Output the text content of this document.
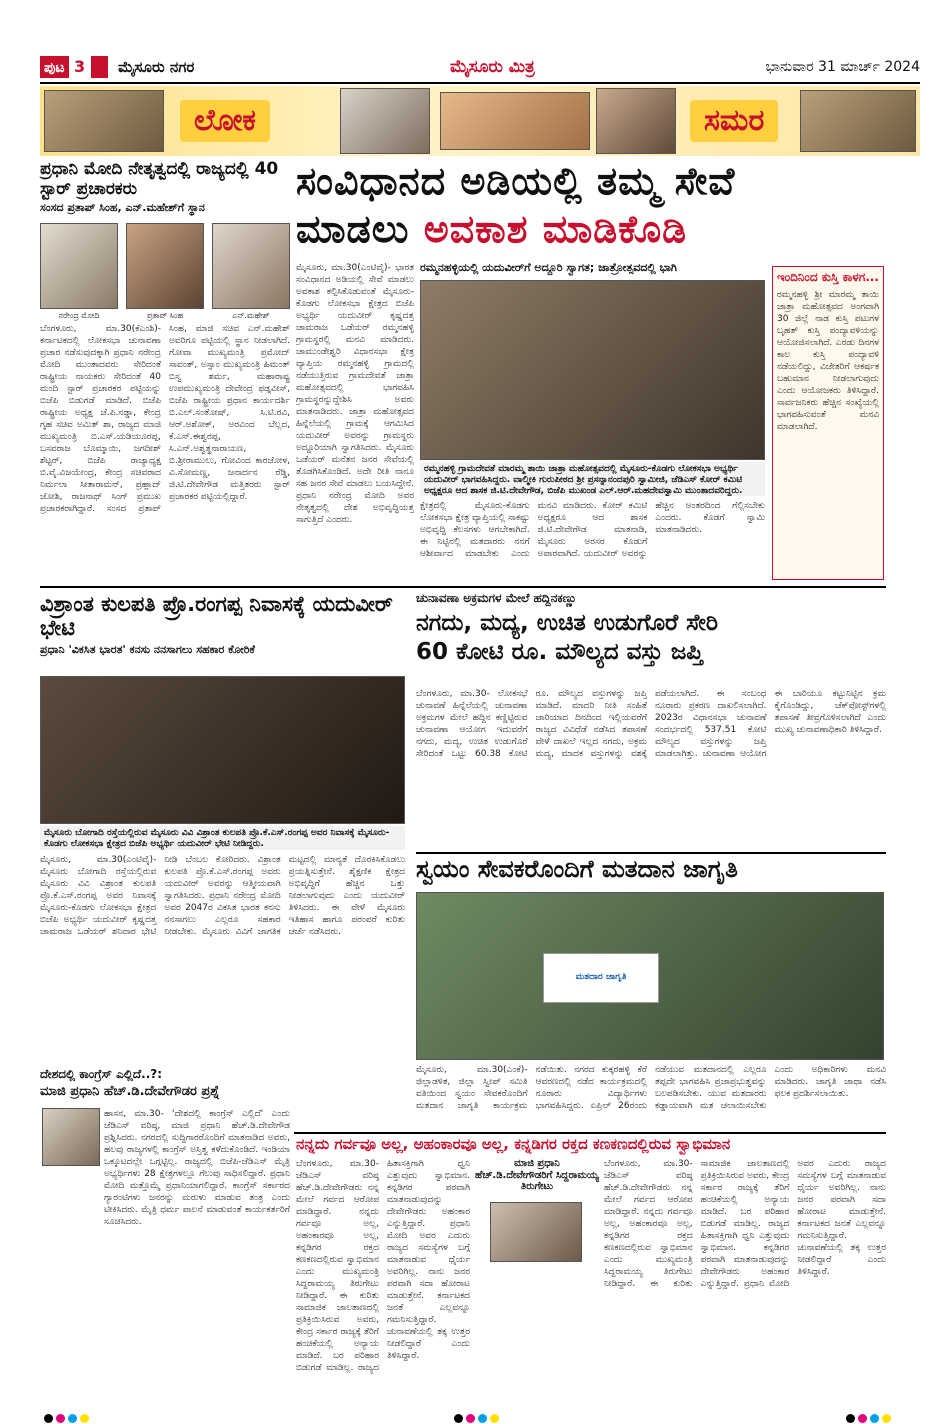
ಪುಟ 3	ಮೈಸೂರು ನಗರ	ಮೈಸೂರು ಮಿತ್ರ	ಭಾನುವಾರ 31 ಮಾರ್ಚ್ 2024
ಲೋಕ	ಸಮರ
ಪ್ರಧಾನಿ ಮೋದಿ ನೇತೃತ್ವದಲ್ಲಿ ರಾಜ್ಯದಲ್ಲಿ 40 ಸ್ಟಾರ್ ಪ್ರಚಾರಕರು
ಸಂಸದ ಪ್ರತಾಪ್ ಸಿಂಹ, ಎನ್.ಮಹೇಶ್‌ಗೆ ಸ್ಥಾನ
ನರೇಂದ್ರ ಮೋದಿ	ಪ್ರತಾಪ್ ಸಿಂಹ	ಎನ್.ಮಹೇಶ್
ಬೆಂಗಳೂರು, ಮಾ.30(ಕೆಎಂಶಿ)- ಕರ್ನಾಟಕದಲ್ಲಿ ಲೋಕಸಭಾ ಚುನಾವಣಾ ಪ್ರಚಾರ ನಡೆಸುವುದಕ್ಕಾಗಿ ಪ್ರಧಾನಿ ನರೇಂದ್ರ ಮೋದಿ ಮುಂತಾದವರು ಸೇರಿದಂತೆ ರಾಷ್ಟ್ರೀಯ ನಾಯಕರು ಸೇರಿದಂತೆ 40 ಮಂದಿ ಸ್ಟಾರ್ ಪ್ರಚಾರಕರ ಪಟ್ಟಿಯನ್ನು ಬಿಜೆಪಿ ಬಿಡುಗಡೆ ಮಾಡಿದೆ. ಬಿಜೆಪಿ ರಾಷ್ಟ್ರೀಯ ಅಧ್ಯಕ್ಷ ಜೆ.ಪಿ.ನಡ್ಡಾ, ಕೇಂದ್ರ ಗೃಹ ಸಚಿವ ಅಮಿತ್ ಶಾ, ರಾಜ್ಯದ ಮಾಜಿ ಮುಖ್ಯಮಂತ್ರಿ ಬಿ.ಎಸ್.ಯಡಿಯೂರಪ್ಪ, ಬಸವರಾಜ ಬೊಮ್ಮಾಯಿ, ಜಗದೀಶ್ ಶೆಟ್ಟರ್, ಬಿಜೆಪಿ ರಾಜ್ಯಾಧ್ಯಕ್ಷ ಬಿ.ವೈ.ವಿಜಯೇಂದ್ರ, ಕೇಂದ್ರ ಸಚಿವರಾದ ನಿರ್ಮಲಾ ಸೀತಾರಾಮನ್, ಪ್ರಹ್ಲಾದ್ ಜೋಶಿ, ರಾಜನಾಥ್ ಸಿಂಗ್ ಪ್ರಮುಖ ಪ್ರಚಾರಕರಾಗಿದ್ದಾರೆ. ಸಂಸದ ಪ್ರತಾಪ್ ಸಿಂಹ, ಮಾಜಿ ಸಚಿವ ಎನ್.ಮಹೇಶ್ ಅವರಿಗೂ ಪಟ್ಟಿಯಲ್ಲಿ ಸ್ಥಾನ ನೀಡಲಾಗಿದೆ. ಗೋವಾ ಮುಖ್ಯಮಂತ್ರಿ ಪ್ರಮೋದ್ ಸಾವಂತ್, ಅಸ್ಸಾಂ ಮುಖ್ಯಮಂತ್ರಿ ಹಿಮಂತ್ ಬಿಸ್ವ ಶರ್ಮ, ಮಹಾರಾಷ್ಟ್ರ ಉಪಮುಖ್ಯಮಂತ್ರಿ ದೇವೇಂದ್ರ ಫಡ್ನವೀಸ್, ಬಿಜೆಪಿ ರಾಷ್ಟ್ರೀಯ ಪ್ರಧಾನ ಕಾರ್ಯದರ್ಶಿ ಬಿ.ಎಲ್.ಸಂತೋಷ್, ಸಿ.ಟಿ.ರವಿ, ಆರ್.ಅಶೋಕ್, ಅರವಿಂದ ಬೆಲ್ಲದ, ಕೆ.ಎಸ್.ಈಶ್ವರಪ್ಪ, ಸಿ.ಎನ್.ಅಶ್ವತ್ಥನಾರಾಯಣ, ಬಿ.ಶ್ರೀರಾಮುಲು, ಗೋವಿಂದ ಕಾರಜೋಳ, ವಿ.ಸೋಮಣ್ಣ, ಜನಾರ್ದನ ರೆಡ್ಡಿ, ಜಿ.ಟಿ.ದೇವೇಗೌಡ ಮತ್ತಿತರರು ಸ್ಟಾರ್ ಪ್ರಚಾರಕರ ಪಟ್ಟಿಯಲ್ಲಿದ್ದಾರೆ.
ಸಂವಿಧಾನದ ಅಡಿಯಲ್ಲಿ ತಮ್ಮ ಸೇವೆ
ಮಾಡಲು ಅವಕಾಶ ಮಾಡಿಕೊಡಿ
ಮೈಸೂರು, ಮಾ.30(ಎಂಟಿವೈ)- ಭಾರತ ಸಂವಿಧಾನದ ಅಡಿಯಲ್ಲಿ ಸೇವೆ ಮಾಡಲು ಅವಕಾಶ ಕಲ್ಪಿಸಿಕೊಡುವಂತೆ ಮೈಸೂರು-ಕೊಡಗು ಲೋಕಸಭಾ ಕ್ಷೇತ್ರದ ಬಿಜೆಪಿ ಅಭ್ಯರ್ಥಿ ಯದುವೀರ್ ಕೃಷ್ಣದತ್ತ ಚಾಮರಾಜ ಒಡೆಯರ್ ರಮ್ಮನಹಳ್ಳಿ ಗ್ರಾಮಸ್ಥರಲ್ಲಿ ಮನವಿ ಮಾಡಿದರು. ಚಾಮುಂಡೇಶ್ವರಿ ವಿಧಾನಸಭಾ ಕ್ಷೇತ್ರ ವ್ಯಾಪ್ತಿಯ ರಮ್ಮನಹಳ್ಳಿ ಗ್ರಾಮದಲ್ಲಿ ನಡೆಯುತ್ತಿರುವ ಗ್ರಾಮದೇವತೆ ಜಾತ್ರಾ ಮಹೋತ್ಸವದಲ್ಲಿ ಭಾಗವಹಿಸಿ ಗ್ರಾಮಸ್ಥರನ್ನುದ್ದೇಶಿಸಿ ಅವರು ಮಾತನಾಡಿದರು. ಜಾತ್ರಾ ಮಹೋತ್ಸವದ ಹಿನ್ನೆಲೆಯಲ್ಲಿ ಗ್ರಾಮಕ್ಕೆ ಆಗಮಿಸಿದ ಯದುವೀರ್ ಅವರನ್ನು ಗ್ರಾಮಸ್ಥರು ಅದ್ದೂರಿಯಾಗಿ ಸ್ವಾಗತಿಸಿದರು. ಮೈಸೂರು ಒಡೆಯರ್ ಮನೆತನ ಜನರ ಸೇವೆಯಲ್ಲಿ ತೊಡಗಿಸಿಕೊಂಡಿದೆ. ಅದೇ ರೀತಿ ನಾನೂ ಸಹ ಜನರ ಸೇವೆ ಮಾಡಲು ಬಯಸಿದ್ದೇನೆ. ಪ್ರಧಾನಿ ನರೇಂದ್ರ ಮೋದಿ ಅವರ ನೇತೃತ್ವದಲ್ಲಿ ದೇಶ ಅಭಿವೃದ್ಧಿಯತ್ತ ಸಾಗುತ್ತಿದೆ ಎಂದರು.
ರಮ್ಮನಹಳ್ಳಿಯಲ್ಲಿ ಯದುವೀರ್‌ಗೆ ಅದ್ದೂರಿ ಸ್ವಾಗತ; ಜಾತ್ರೋತ್ಸವದಲ್ಲಿ ಭಾಗಿ
ರಮ್ಮನಹಳ್ಳಿ ಗ್ರಾಮದೇವತೆ ಮಾರಮ್ಮ ತಾಯಿ ಜಾತ್ರಾ ಮಹೋತ್ಸವದಲ್ಲಿ ಮೈಸೂರು-ಕೊಡಗು ಲೋಕಸಭಾ ಅಭ್ಯರ್ಥಿ ಯದುವೀರ್ ಭಾಗವಹಿಸಿದ್ದರು. ವಾಲ್ಮೀಕಿ ಗುರುಪೀಠದ ಶ್ರೀ ಪ್ರಸನ್ನಾನಂದಪುರಿ ಸ್ವಾಮೀಜಿ, ಜೆಡಿಎಸ್ ಕೋರ್ ಕಮಿಟಿ ಅಧ್ಯಕ್ಷರೂ ಆದ ಶಾಸಕ ಜಿ.ಟಿ.ದೇವೇಗೌಡ, ಬಿಜೆಪಿ ಮುಖಂಡ ಎಲ್.ಆರ್.ಮಹದೇವಸ್ವಾಮಿ ಮುಂತಾದವರಿದ್ದರು.
ಕ್ಷೇತ್ರದಲ್ಲಿ ಮೈಸೂರು-ಕೊಡಗು ಲೋಕಸಭಾ ಕ್ಷೇತ್ರ ವ್ಯಾಪ್ತಿಯಲ್ಲಿ ಸಾಕಷ್ಟು ಅಭಿವೃದ್ಧಿ ಕೆಲಸಗಳು ಆಗಬೇಕಾಗಿದೆ. ಈ ನಿಟ್ಟಿನಲ್ಲಿ ಮತದಾರರು ನನಗೆ ಆಶೀರ್ವಾದ ಮಾಡಬೇಕು ಎಂದು ಮನವಿ ಮಾಡಿದರು. ಕೋರ್ ಕಮಿಟಿ ಅಧ್ಯಕ್ಷರೂ ಆದ ಶಾಸಕ ಜಿ.ಟಿ.ದೇವೇಗೌಡ ಮಾತನಾಡಿ, ಮೈಸೂರು ಅರಸರ ಕೊಡುಗೆ ಅಪಾರವಾಗಿದೆ. ಯದುವೀರ್ ಅವರನ್ನು ಹೆಚ್ಚಿನ ಅಂತರದಿಂದ ಗೆಲ್ಲಿಸಬೇಕು ಎಂದರು. ಕೊಡಗೆ ಸ್ವಾಮಿ ಮಾತನಾಡಿದರು.
ಇಂದಿನಿಂದ ಕುಸ್ತಿ ಕಾಳಗ...
ರಮ್ಮನಹಳ್ಳಿ ಶ್ರೀ ಮಾರಮ್ಮ ತಾಯಿ ಜಾತ್ರಾ ಮಹೋತ್ಸವದ ಅಂಗವಾಗಿ 30 ಜಿಲ್ಲೆ ನಾಡ ಕುಸ್ತಿ ಪಟುಗಳ ಬೃಹತ್ ಕುಸ್ತಿ ಪಂದ್ಯಾವಳಿಯನ್ನು ಆಯೋಜಿಸಲಾಗಿದೆ. ಎರಡು ದಿನಗಳ ಕಾಲ ಕುಸ್ತಿ ಪಂದ್ಯಾವಳಿ ನಡೆಯಲಿದ್ದು, ವಿಜೇತರಿಗೆ ಆಕರ್ಷಕ ಬಹುಮಾನ ನೀಡಲಾಗುವುದು ಎಂದು ಆಯೋಜಕರು ತಿಳಿಸಿದ್ದಾರೆ. ಸಾರ್ವಜನಿಕರು ಹೆಚ್ಚಿನ ಸಂಖ್ಯೆಯಲ್ಲಿ ಭಾಗವಹಿಸುವಂತೆ ಮನವಿ ಮಾಡಲಾಗಿದೆ.
ವಿಶ್ರಾಂತ ಕುಲಪತಿ ಪ್ರೊ.ರಂಗಪ್ಪ ನಿವಾಸಕ್ಕೆ ಯದುವೀರ್ ಭೇಟಿ
ಪ್ರಧಾನಿ 'ವಿಕಸಿತ ಭಾರತ' ಕನಸು ನನಸಾಗಲು ಸಹಕಾರ ಕೋರಿಕೆ
ಮೈಸೂರು ಬೋಗಾದಿ ರಸ್ತೆಯಲ್ಲಿರುವ ಮೈಸೂರು ವಿವಿ ವಿಶ್ರಾಂತ ಕುಲಪತಿ ಪ್ರೊ.ಕೆ.ಎಸ್.ರಂಗಪ್ಪ ಅವರ ನಿವಾಸಕ್ಕೆ ಮೈಸೂರು-ಕೊಡಗು ಲೋಕಸಭಾ ಕ್ಷೇತ್ರದ ಬಿಜೆಪಿ ಅಭ್ಯರ್ಥಿ ಯದುವೀರ್ ಭೇಟಿ ನೀಡಿದ್ದರು.
ಮೈಸೂರು, ಮಾ.30(ಎಂಟಿವೈ)- ಮೈಸೂರು ಬೋಗಾದಿ ರಸ್ತೆಯಲ್ಲಿರುವ ಮೈಸೂರು ವಿವಿ ವಿಶ್ರಾಂತ ಕುಲಪತಿ ಪ್ರೊ.ಕೆ.ಎಸ್.ರಂಗಪ್ಪ ಅವರ ನಿವಾಸಕ್ಕೆ ಮೈಸೂರು-ಕೊಡಗು ಲೋಕಸಭಾ ಕ್ಷೇತ್ರದ ಬಿಜೆಪಿ ಅಭ್ಯರ್ಥಿ ಯದುವೀರ್ ಕೃಷ್ಣದತ್ತ ಚಾಮರಾಜ ಒಡೆಯರ್ ಶನಿವಾರ ಭೇಟಿ ನೀಡಿ ಬೆಂಬಲ ಕೋರಿದರು. ವಿಶ್ರಾಂತ ಕುಲಪತಿ ಪ್ರೊ.ಕೆ.ಎಸ್.ರಂಗಪ್ಪ ಅವರು ಯದುವೀರ್ ಅವರನ್ನು ಆತ್ಮೀಯವಾಗಿ ಸ್ವಾಗತಿಸಿದರು. ಪ್ರಧಾನಿ ನರೇಂದ್ರ ಮೋದಿ ಅವರ 2047ರ ವಿಕಸಿತ ಭಾರತ ಕನಸು ನನಸಾಗಲು ಎಲ್ಲರೂ ಸಹಕಾರ ನೀಡಬೇಕು. ಮೈಸೂರು ವಿವಿಗೆ ಜಾಗತಿಕ ಮಟ್ಟದಲ್ಲಿ ಮಾನ್ಯತೆ ದೊರಕಿಸಿಕೊಡಲು ಪ್ರಯತ್ನಿಸುತ್ತೇನೆ. ಶೈಕ್ಷಣಿಕ ಕ್ಷೇತ್ರದ ಅಭಿವೃದ್ಧಿಗೆ ಹೆಚ್ಚಿನ ಒತ್ತು ನೀಡಲಾಗುವುದು ಎಂದು ಯದುವೀರ್ ತಿಳಿಸಿದರು. ಈ ವೇಳೆ ಮೈಸೂರು ಇತಿಹಾಸ ಹಾಗೂ ಪರಂಪರೆ ಕುರಿತು ಚರ್ಚೆ ನಡೆಸಿದರು.
ಚುನಾವಣಾ ಅಕ್ರಮಗಳ ಮೇಲೆ ಹದ್ದಿನಕಣ್ಣು
ನಗದು, ಮದ್ಯ, ಉಚಿತ ಉಡುಗೊರೆ ಸೇರಿ
60 ಕೋಟಿ ರೂ. ಮೌಲ್ಯದ ವಸ್ತು ಜಪ್ತಿ
ಬೆಂಗಳೂರು, ಮಾ.30- ಲೋಕಸಭೆ ಚುನಾವಣೆ ಹಿನ್ನೆಲೆಯಲ್ಲಿ ಚುನಾವಣಾ ಅಕ್ರಮಗಳ ಮೇಲೆ ಹದ್ದಿನ ಕಣ್ಣಿಟ್ಟಿರುವ ಚುನಾವಣಾ ಆಯೋಗ ಇದುವರೆಗೆ ನಗದು, ಮದ್ಯ, ಉಚಿತ ಉಡುಗೊರೆ ಸೇರಿದಂತೆ ಒಟ್ಟು 60.38 ಕೋಟಿ ರೂ. ಮೌಲ್ಯದ ವಸ್ತುಗಳನ್ನು ಜಪ್ತಿ ಮಾಡಿದೆ. ಮಾದರಿ ನೀತಿ ಸಂಹಿತೆ ಜಾರಿಯಾದ ದಿನದಿಂದ ಇಲ್ಲಿಯವರೆಗೆ ರಾಜ್ಯದ ವಿವಿಧೆಡೆ ನಡೆಸಿದ ತಪಾಸಣೆ ವೇಳೆ ದಾಖಲೆ ಇಲ್ಲದ ನಗದು, ಅಕ್ರಮ ಮದ್ಯ, ಮಾದಕ ವಸ್ತುಗಳನ್ನು ವಶಕ್ಕೆ ಪಡೆಯಲಾಗಿದೆ. ಈ ಸಂಬಂಧ ನೂರಾರು ಪ್ರಕರಣ ದಾಖಲಿಸಲಾಗಿದೆ. 2023ರ ವಿಧಾನಸಭಾ ಚುನಾವಣೆ ಸಂದರ್ಭದಲ್ಲಿ 537.51 ಕೋಟಿ ಮೌಲ್ಯದ ವಸ್ತುಗಳನ್ನು ಜಪ್ತಿ ಮಾಡಲಾಗಿತ್ತು. ಚುನಾವಣಾ ಆಯೋಗ ಈ ಬಾರಿಯೂ ಕಟ್ಟುನಿಟ್ಟಿನ ಕ್ರಮ ಕೈಗೊಂಡಿದ್ದು, ಚೆಕ್‌ಪೋಸ್ಟ್‌ಗಳಲ್ಲಿ ತಪಾಸಣೆ ತೀವ್ರಗೊಳಿಸಲಾಗಿದೆ ಎಂದು ಮುಖ್ಯ ಚುನಾವಣಾಧಿಕಾರಿ ತಿಳಿಸಿದ್ದಾರೆ.
ಸ್ವಯಂ ಸೇವಕರೊಂದಿಗೆ ಮತದಾನ ಜಾಗೃತಿ
ಮತದಾರ ಜಾಗೃತಿ
ಮೈಸೂರು, ಮಾ.30(ಎಂಕೆ)- ಜಿಲ್ಲಾಡಳಿತ, ಜಿಲ್ಲಾ ಸ್ವೀಪ್ ಸಮಿತಿ ವತಿಯಿಂದ ಸ್ವಯಂ ಸೇವಕರೊಂದಿಗೆ ಮತದಾನ ಜಾಗೃತಿ ಕಾರ್ಯಕ್ರಮ ನಡೆಯಿತು. ನಗರದ ಕುಕ್ಕರಹಳ್ಳಿ ಕೆರೆ ಆವರಣದಲ್ಲಿ ನಡೆದ ಕಾರ್ಯಕ್ರಮದಲ್ಲಿ ನೂರಾರು ವಿದ್ಯಾರ್ಥಿಗಳು ಭಾಗವಹಿಸಿದ್ದರು. ಏಪ್ರಿಲ್ 26ರಂದು ನಡೆಯುವ ಮತದಾನದಲ್ಲಿ ಎಲ್ಲರೂ ತಪ್ಪದೇ ಭಾಗವಹಿಸಿ ಪ್ರಜಾಪ್ರಭುತ್ವವನ್ನು ಬಲಪಡಿಸಬೇಕು. ಯುವ ಮತದಾರರು ಕಡ್ಡಾಯವಾಗಿ ಮತ ಚಲಾಯಿಸಬೇಕು ಎಂದು ಅಧಿಕಾರಿಗಳು ಮನವಿ ಮಾಡಿದರು. ಜಾಗೃತಿ ಜಾಥಾ ನಡೆಸಿ ಫಲಕ ಪ್ರದರ್ಶಿಸಲಾಯಿತು.
ದೇಶದಲ್ಲಿ ಕಾಂಗ್ರೆಸ್ ಎಲ್ಲಿದೆ..?:
ಮಾಜಿ ಪ್ರಧಾನಿ ಹೆಚ್.ಡಿ.ದೇವೇಗೌಡರ ಪ್ರಶ್ನೆ
ಹಾಸನ, ಮಾ.30- 'ದೇಶದಲ್ಲಿ ಕಾಂಗ್ರೆಸ್ ಎಲ್ಲಿದೆ' ಎಂದು ಜೆಡಿಎಸ್ ವರಿಷ್ಠ, ಮಾಜಿ ಪ್ರಧಾನಿ ಹೆಚ್.ಡಿ.ದೇವೇಗೌಡ ಪ್ರಶ್ನಿಸಿದರು. ನಗರದಲ್ಲಿ ಸುದ್ದಿಗಾರರೊಂದಿಗೆ ಮಾತನಾಡಿದ ಅವರು, ಹಲವು ರಾಜ್ಯಗಳಲ್ಲಿ ಕಾಂಗ್ರೆಸ್ ಅಸ್ತಿತ್ವ ಕಳೆದುಕೊಂಡಿದೆ. ಇಂಡಿಯಾ ಒಕ್ಕೂಟದಲ್ಲೇ ಒಗ್ಗಟ್ಟಿಲ್ಲ. ರಾಜ್ಯದಲ್ಲಿ ಬಿಜೆಪಿ-ಜೆಡಿಎಸ್ ಮೈತ್ರಿ ಅಭ್ಯರ್ಥಿಗಳು 28 ಕ್ಷೇತ್ರಗಳಲ್ಲೂ ಗೆಲುವು ಸಾಧಿಸಲಿದ್ದಾರೆ. ಪ್ರಧಾನಿ ಮೋದಿ ಮತ್ತೊಮ್ಮೆ ಪ್ರಧಾನಿಯಾಗಲಿದ್ದಾರೆ. ಕಾಂಗ್ರೆಸ್ ಸರ್ಕಾರದ ಗ್ಯಾರಂಟಿಗಳು ಜನರನ್ನು ಮರುಳು ಮಾಡುವ ತಂತ್ರ ಎಂದು ಟೀಕಿಸಿದರು. ಮೈತ್ರಿ ಧರ್ಮ ಪಾಲನೆ ಮಾಡುವಂತೆ ಕಾರ್ಯಕರ್ತರಿಗೆ ಸೂಚಿಸಿದರು.
ನನ್ನದು ಗರ್ವವೂ ಅಲ್ಲ, ಅಹಂಕಾರವೂ ಅಲ್ಲ, ಕನ್ನಡಿಗರ ರಕ್ತದ ಕಣಕಣದಲ್ಲಿರುವ ಸ್ವಾಭಿಮಾನ
ಬೆಂಗಳೂರು, ಮಾ.30- ಜೆಡಿಎಸ್ ವರಿಷ್ಠ ಹೆಚ್.ಡಿ.ದೇವೇಗೌಡರು ನನ್ನ ಮೇಲೆ ಗರ್ವದ ಆರೋಪ ಮಾಡಿದ್ದಾರೆ. ನನ್ನದು ಗರ್ವವೂ ಅಲ್ಲ, ಅಹಂಕಾರವೂ ಅಲ್ಲ, ಕನ್ನಡಿಗರ ರಕ್ತದ ಕಣಕಣದಲ್ಲಿರುವ ಸ್ವಾಭಿಮಾನ ಎಂದು ಮುಖ್ಯಮಂತ್ರಿ ಸಿದ್ದರಾಮಯ್ಯ ತಿರುಗೇಟು ನೀಡಿದ್ದಾರೆ. ಈ ಕುರಿತು ಸಾಮಾಜಿಕ ಜಾಲತಾಣದಲ್ಲಿ ಪ್ರತಿಕ್ರಿಯಿಸಿರುವ ಅವರು, ಕೇಂದ್ರ ಸರ್ಕಾರ ರಾಜ್ಯಕ್ಕೆ ತೆರಿಗೆ ಹಂಚಿಕೆಯಲ್ಲಿ ಅನ್ಯಾಯ ಮಾಡಿದೆ. ಬರ ಪರಿಹಾರ ಬಿಡುಗಡೆ ಮಾಡಿಲ್ಲ. ರಾಜ್ಯದ ಹಿತಾಸಕ್ತಿಗಾಗಿ ಧ್ವನಿ ಎತ್ತುವುದು ಸ್ವಾಭಿಮಾನ. ಕನ್ನಡಿಗರ ಪರವಾಗಿ ಮಾತನಾಡುವುದನ್ನು ದೇವೇಗೌಡರು ಅಹಂಕಾರ ಎನ್ನುತ್ತಿದ್ದಾರೆ. ಪ್ರಧಾನಿ ಮೋದಿ ಅವರ ಎದುರು ರಾಜ್ಯದ ಸಮಸ್ಯೆಗಳ ಬಗ್ಗೆ ಮಾತನಾಡುವ ಧೈರ್ಯ ಅವರಿಗಿಲ್ಲ. ನಾನು ಜನರ ಪರವಾಗಿ ಸದಾ ಹೋರಾಟ ಮಾಡುತ್ತೇನೆ. ಕರ್ನಾಟಕದ ಜನತೆ ಎಲ್ಲವನ್ನೂ ಗಮನಿಸುತ್ತಿದ್ದಾರೆ. ಚುನಾವಣೆಯಲ್ಲಿ ತಕ್ಕ ಉತ್ತರ ನೀಡಲಿದ್ದಾರೆ ಎಂದು ತಿಳಿಸಿದ್ದಾರೆ.
ಮಾಜಿ ಪ್ರಧಾನಿ ಹೆಚ್.ಡಿ.ದೇವೇಗೌಡರಿಗೆ ಸಿದ್ದರಾಮಯ್ಯ ತಿರುಗೇಟು
ಬೆಂಗಳೂರು, ಮಾ.30- ಜೆಡಿಎಸ್ ವರಿಷ್ಠ ಹೆಚ್.ಡಿ.ದೇವೇಗೌಡರು ನನ್ನ ಮೇಲೆ ಗರ್ವದ ಆರೋಪ ಮಾಡಿದ್ದಾರೆ. ನನ್ನದು ಗರ್ವವೂ ಅಲ್ಲ, ಅಹಂಕಾರವೂ ಅಲ್ಲ, ಕನ್ನಡಿಗರ ರಕ್ತದ ಕಣಕಣದಲ್ಲಿರುವ ಸ್ವಾಭಿಮಾನ ಎಂದು ಮುಖ್ಯಮಂತ್ರಿ ಸಿದ್ದರಾಮಯ್ಯ ತಿರುಗೇಟು ನೀಡಿದ್ದಾರೆ. ಈ ಕುರಿತು ಸಾಮಾಜಿಕ ಜಾಲತಾಣದಲ್ಲಿ ಪ್ರತಿಕ್ರಿಯಿಸಿರುವ ಅವರು, ಕೇಂದ್ರ ಸರ್ಕಾರ ರಾಜ್ಯಕ್ಕೆ ತೆರಿಗೆ ಹಂಚಿಕೆಯಲ್ಲಿ ಅನ್ಯಾಯ ಮಾಡಿದೆ. ಬರ ಪರಿಹಾರ ಬಿಡುಗಡೆ ಮಾಡಿಲ್ಲ. ರಾಜ್ಯದ ಹಿತಾಸಕ್ತಿಗಾಗಿ ಧ್ವನಿ ಎತ್ತುವುದು ಸ್ವಾಭಿಮಾನ. ಕನ್ನಡಿಗರ ಪರವಾಗಿ ಮಾತನಾಡುವುದನ್ನು ದೇವೇಗೌಡರು ಅಹಂಕಾರ ಎನ್ನುತ್ತಿದ್ದಾರೆ. ಪ್ರಧಾನಿ ಮೋದಿ ಅವರ ಎದುರು ರಾಜ್ಯದ ಸಮಸ್ಯೆಗಳ ಬಗ್ಗೆ ಮಾತನಾಡುವ ಧೈರ್ಯ ಅವರಿಗಿಲ್ಲ. ನಾನು ಜನರ ಪರವಾಗಿ ಸದಾ ಹೋರಾಟ ಮಾಡುತ್ತೇನೆ. ಕರ್ನಾಟಕದ ಜನತೆ ಎಲ್ಲವನ್ನೂ ಗಮನಿಸುತ್ತಿದ್ದಾರೆ. ಚುನಾವಣೆಯಲ್ಲಿ ತಕ್ಕ ಉತ್ತರ ನೀಡಲಿದ್ದಾರೆ ಎಂದು ತಿಳಿಸಿದ್ದಾರೆ.
